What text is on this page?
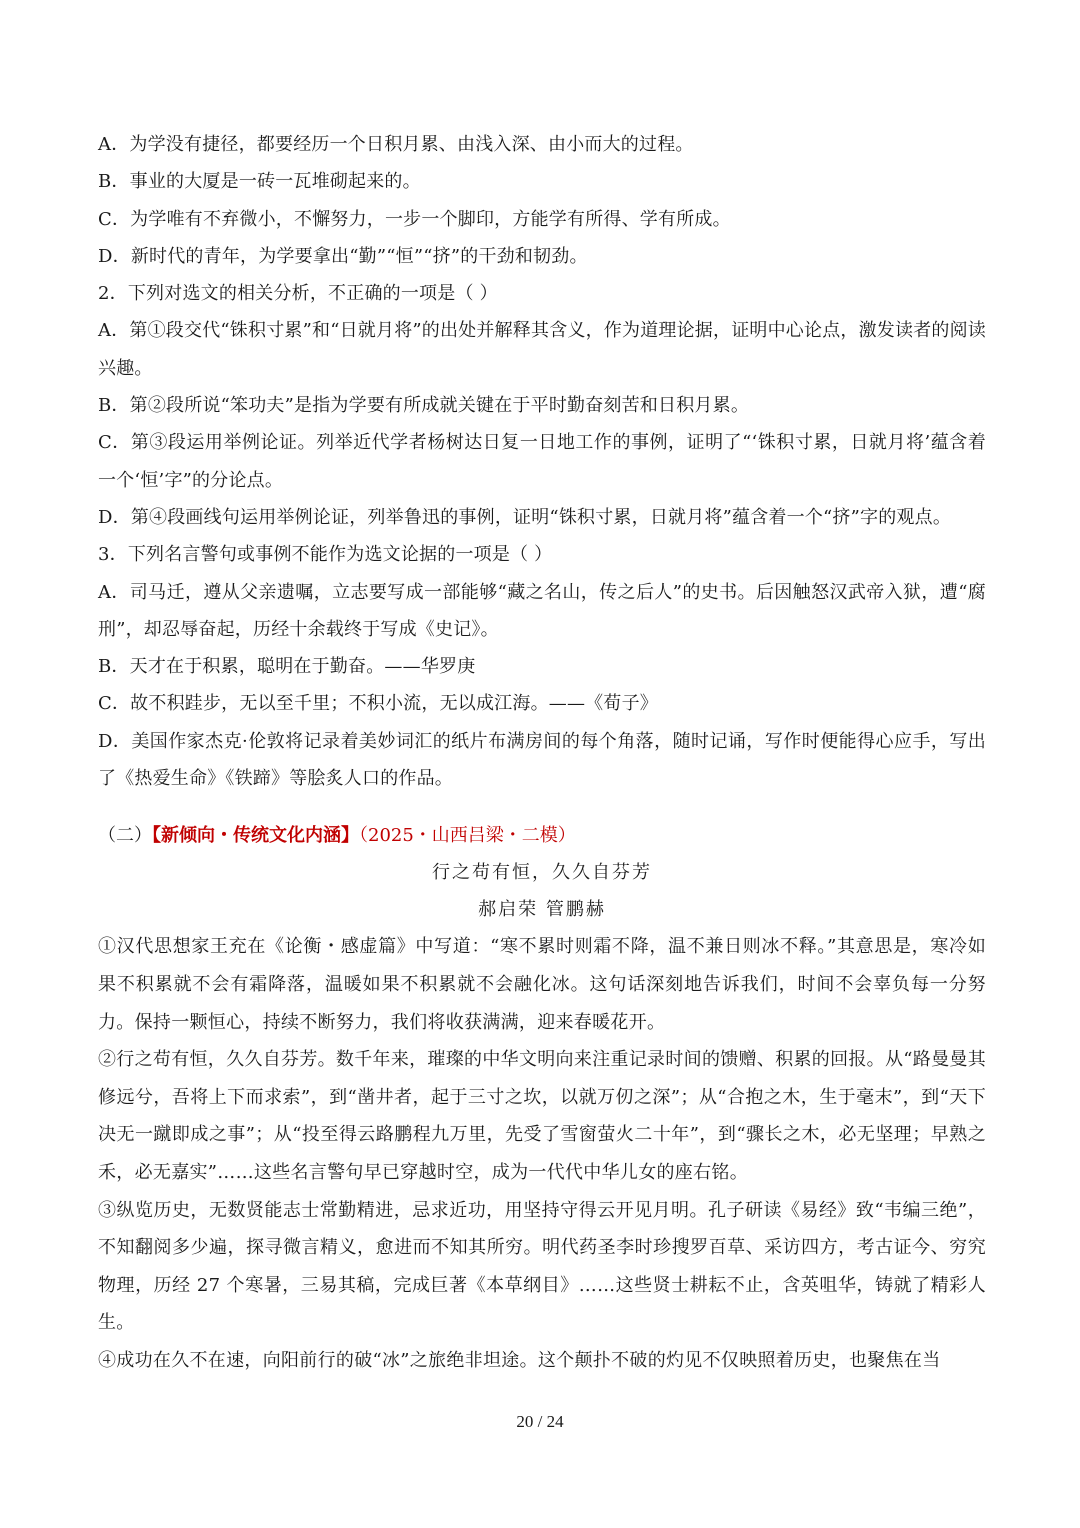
A．为学没有捷径，都要经历一个日积月累、由浅入深、由小而大的过程。
B．事业的大厦是一砖一瓦堆砌起来的。
C．为学唯有不弃微小，不懈努力，一步一个脚印，方能学有所得、学有所成。
D．新时代的青年，为学要拿出“勤”“恒”“挤”的干劲和韧劲。
2．下列对选文的相关分析，不正确的一项是（ ）
A．第①段交代“铢积寸累”和“日就月将”的出处并解释其含义，作为道理论据，证明中心论点，激发读者的阅读兴趣。
B．第②段所说“笨功夫”是指为学要有所成就关键在于平时勤奋刻苦和日积月累。
C．第③段运用举例论证。列举近代学者杨树达日复一日地工作的事例，证明了“‘铢积寸累，日就月将’蕴含着一个‘恒’字”的分论点。
D．第④段画线句运用举例论证，列举鲁迅的事例，证明“铢积寸累，日就月将”蕴含着一个“挤”字的观点。
3．下列名言警句或事例不能作为选文论据的一项是（ ）
A．司马迁，遵从父亲遗嘱，立志要写成一部能够“藏之名山，传之后人”的史书。后因触怒汉武帝入狱，遭“腐刑”，却忍辱奋起，历经十余载终于写成《史记》。
B．天才在于积累，聪明在于勤奋。——华罗庚
C．故不积跬步，无以至千里；不积小流，无以成江海。——《荀子》
D．美国作家杰克·伦敦将记录着美妙词汇的纸片布满房间的每个角落，随时记诵，写作时便能得心应手，写出了《热爱生命》《铁蹄》等脍炙人口的作品。
（二）【新倾向・传统文化内涵】（2025・山西吕梁・二模）
行之苟有恒，久久自芬芳
郝启荣 管鹏赫
①汉代思想家王充在《论衡・感虚篇》中写道：“寒不累时则霜不降，温不兼日则冰不释。”其意思是，寒冷如果不积累就不会有霜降落，温暖如果不积累就不会融化冰。这句话深刻地告诉我们，时间不会辜负每一分努力。保持一颗恒心，持续不断努力，我们将收获满满，迎来春暖花开。
②行之苟有恒，久久自芬芳。数千年来，璀璨的中华文明向来注重记录时间的馈赠、积累的回报。从“路曼曼其修远兮，吾将上下而求索”，到“凿井者，起于三寸之坎，以就万仞之深”；从“合抱之木，生于毫末”，到“天下决无一蹴即成之事”；从“投至得云路鹏程九万里，先受了雪窗萤火二十年”，到“骤长之木，必无坚理；早熟之禾，必无嘉实”……这些名言警句早已穿越时空，成为一代代中华儿女的座右铭。
③纵览历史，无数贤能志士常勤精进，忌求近功，用坚持守得云开见月明。孔子研读《易经》致“韦编三绝”，不知翻阅多少遍，探寻微言精义，愈进而不知其所穷。明代药圣李时珍搜罗百草、采访四方，考古证今、穷究物理，历经 27 个寒暑，三易其稿，完成巨著《本草纲目》……这些贤士耕耘不止，含英咀华，铸就了精彩人生。
④成功在久不在速，向阳前行的破“冰”之旅绝非坦途。这个颠扑不破的灼见不仅映照着历史，也聚焦在当
20 / 24
